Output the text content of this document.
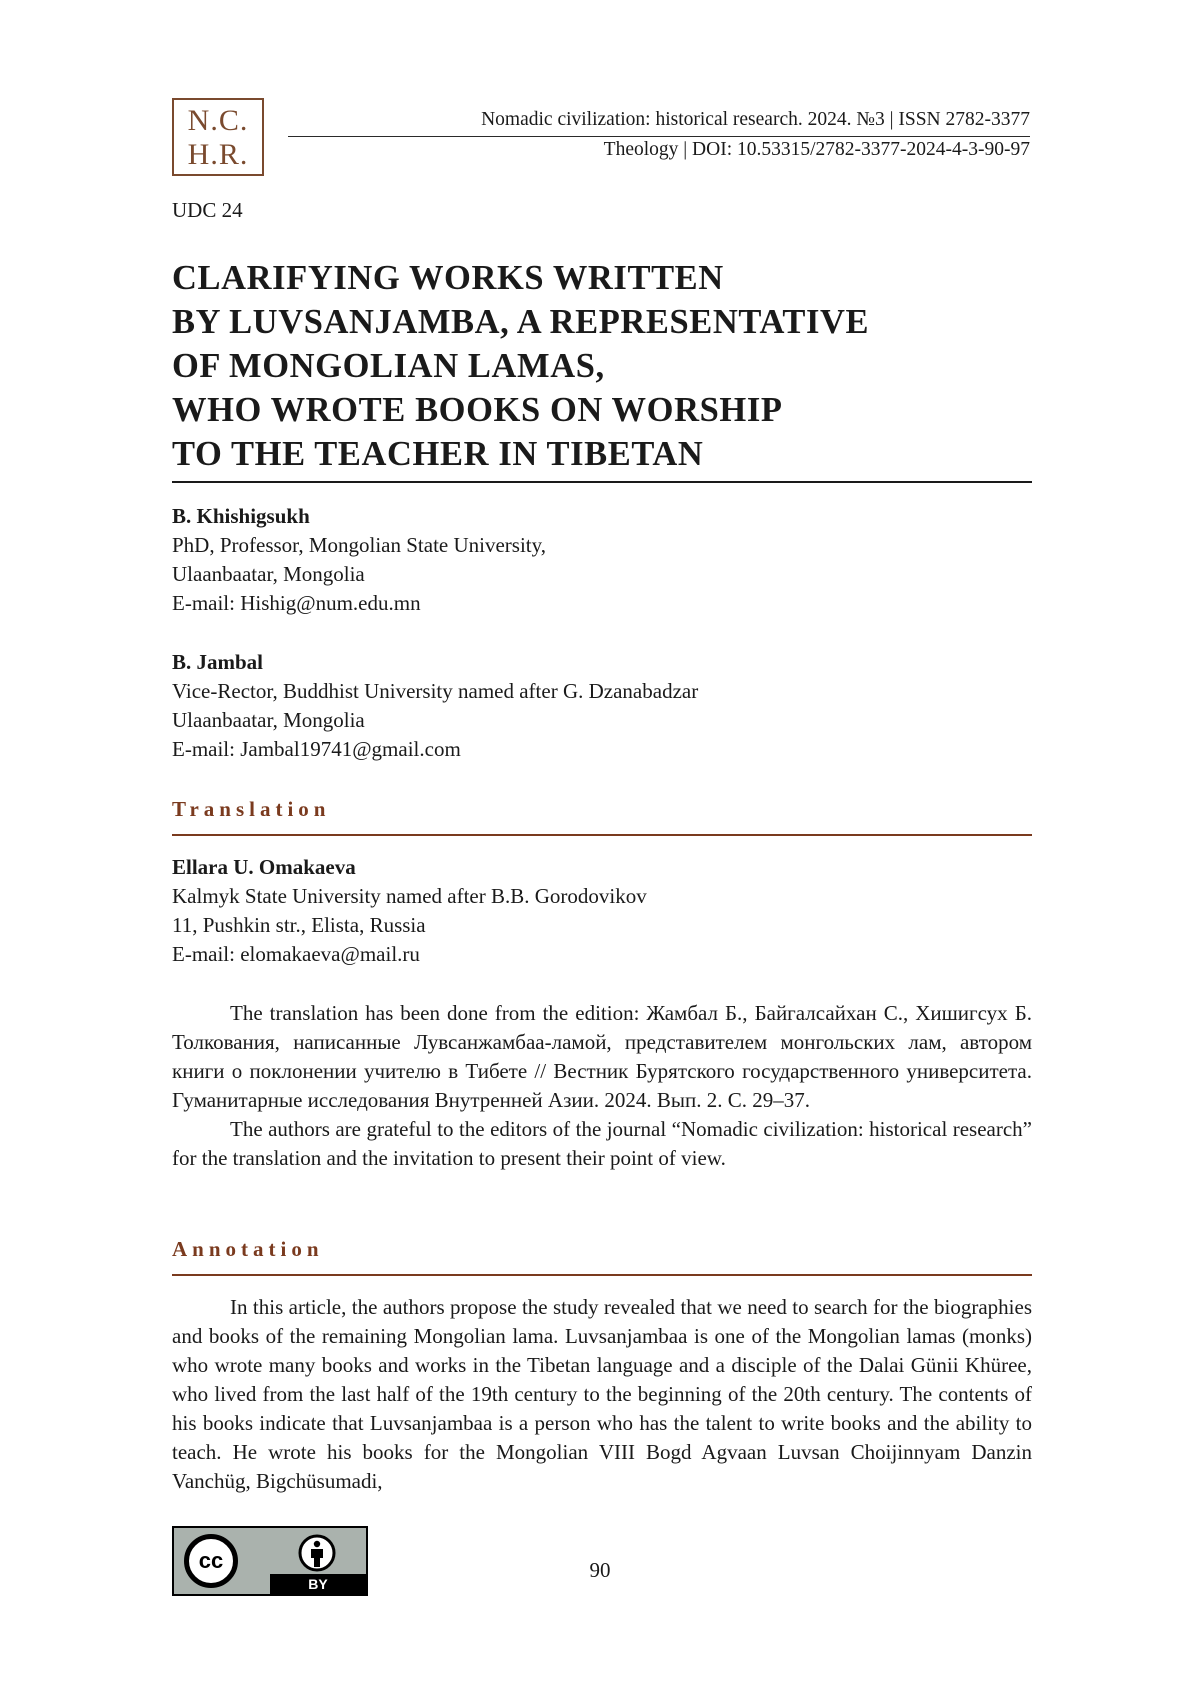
N.C.
H.R.
Nomadic civilization: historical research. 2024. №3 | ISSN 2782-3377
Theology | DOI: 10.53315/2782-3377-2024-4-3-90-97
UDC 24
CLARIFYING WORKS WRITTEN
BY LUVSANJAMBA, A REPRESENTATIVE
OF MONGOLIAN LAMAS,
WHO WROTE BOOKS ON WORSHIP
TO THE TEACHER IN TIBETAN
B. Khishigsukh
PhD, Professor, Mongolian State University,
Ulaanbaatar, Mongolia
E-mail: Hishig@num.edu.mn
B. Jambal
Vice-Rector, Buddhist University named after G. Dzanabadzar
Ulaanbaatar, Mongolia
E-mail: Jambal19741@gmail.com
Translation
Ellara U. Omakaeva
Kalmyk State University named after B.B. Gorodovikov
11, Pushkin str., Elista, Russia
E-mail: elomakaeva@mail.ru

The translation has been done from the edition: Жамбал Б., Байгалсайхан С., Хишигсух Б. Толкования, написанные Лувсанжамбаа-ламой, представителем монгольских лам, автором книги о поклонении учителю в Тибете // Вестник Бурятского государственного университета. Гуманитарные исследования Внутренней Азии. 2024. Вып. 2. С. 29–37.

The authors are grateful to the editors of the journal “Nomadic civilization: historical research” for the translation and the invitation to present their point of view.

Annotation

In this article, the authors propose the study revealed that we need to search for the biographies and books of the remaining Mongolian lama. Luvsanjambaa is one of the Mongolian lamas (monks) who wrote many books and works in the Tibetan language and a disciple of the Dalai Günii Khüree, who lived from the last half of the 19th century to the beginning of the 20th century. The contents of his books indicate that Luvsanjambaa is a person who has the talent to write books and the ability to teach. He wrote his books for the Mongolian VIII Bogd Agvaan Luvsan Choijinnyam Danzin Vanchüg, Bigchüsumadi,

cc
BY
90
